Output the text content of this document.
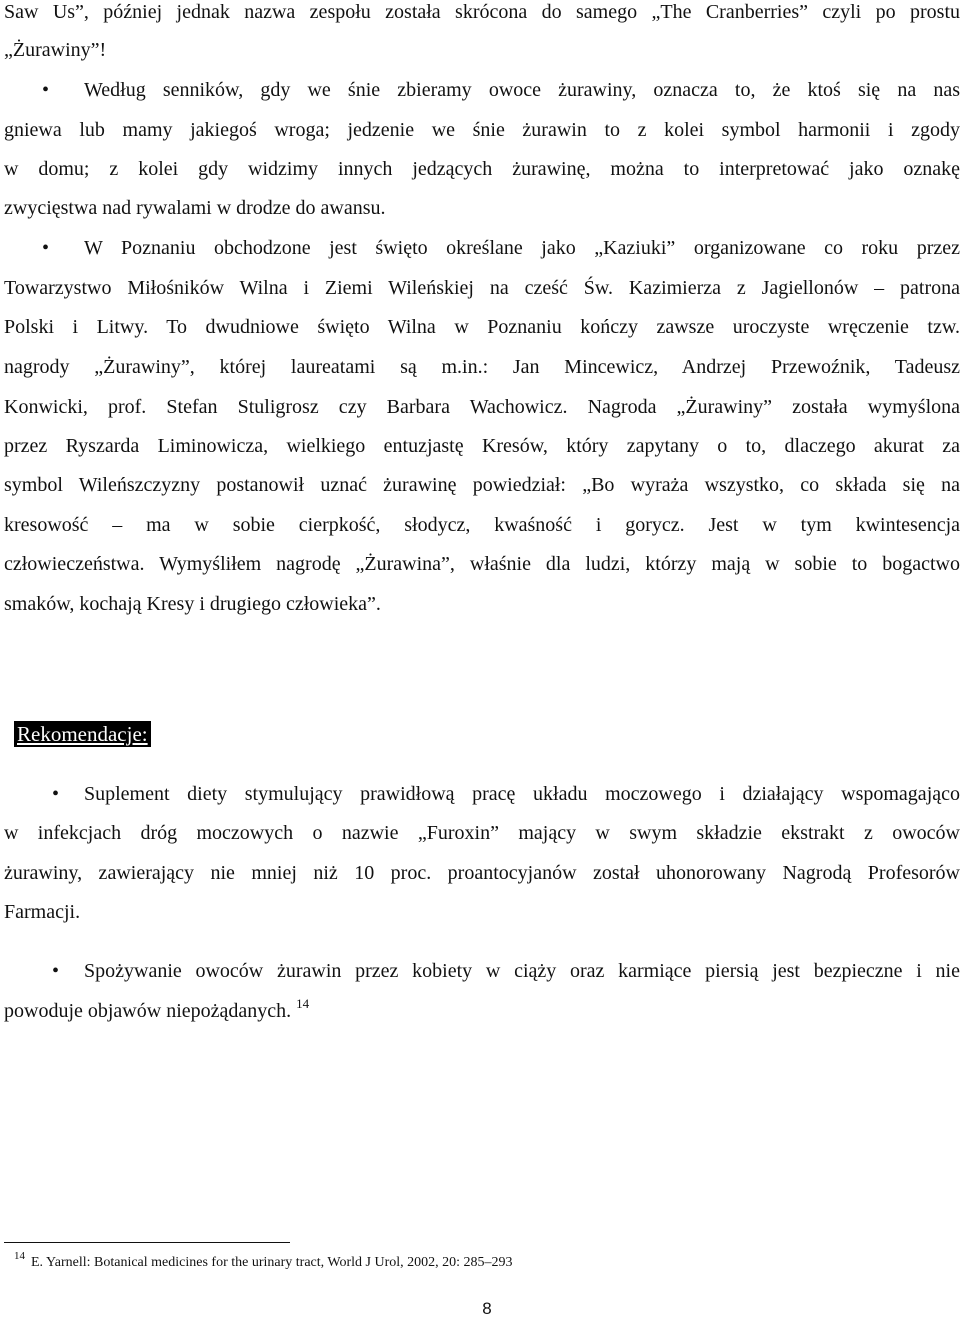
Saw Us”, później jednak nazwa zespołu została skrócona do samego „The Cranberries” czyli po prostu
„Żurawiny”!
• Według senników, gdy we śnie zbieramy owoce żurawiny, oznacza to, że ktoś się na nas
gniewa lub mamy jakiegoś wroga; jedzenie we śnie żurawin to z kolei symbol harmonii i zgody
w domu; z kolei gdy widzimy innych jedzących żurawinę, można to interpretować jako oznakę
zwycięstwa nad rywalami w drodze do awansu.
• W Poznaniu obchodzone jest święto określane jako „Kaziuki” organizowane co roku przez
Towarzystwo Miłośników Wilna i Ziemi Wileńskiej na cześć Św. Kazimierza z Jagiellonów – patrona
Polski i Litwy. To dwudniowe święto Wilna w Poznaniu kończy zawsze uroczyste wręczenie tzw.
nagrody „Żurawiny”, której laureatami są m.in.: Jan Mincewicz, Andrzej Przewoźnik, Tadeusz
Konwicki, prof. Stefan Stuligrosz czy Barbara Wachowicz. Nagroda „Żurawiny” została wymyślona
przez Ryszarda Liminowicza, wielkiego entuzjastę Kresów, który zapytany o to, dlaczego akurat za
symbol Wileńszczyzny postanowił uznać żurawinę powiedział: „Bo wyraża wszystko, co składa się na
kresowość – ma w sobie cierpkość, słodycz, kwaśność i gorycz. Jest w tym kwintesencja
człowieczeństwa. Wymyśliłem nagrodę „Żurawina”, właśnie dla ludzi, którzy mają w sobie to bogactwo
smaków, kochają Kresy i drugiego człowieka”.
Rekomendacje:
• Suplement diety stymulujący prawidłową pracę układu moczowego i działający wspomagająco
w infekcjach dróg moczowych o nazwie „Furoxin” mający w swym składzie ekstrakt z owoców
żurawiny, zawierający nie mniej niż 10 proc. proantocyjanów został uhonorowany Nagrodą Profesorów
Farmacji.
• Spożywanie owoców żurawin przez kobiety w ciąży oraz karmiące piersią jest bezpieczne i nie
powoduje objawów niepożądanych. $^{14}$
$^{14}$ E. Yarnell: Botanical medicines for the urinary tract, World J Urol, 2002, 20: 285–293
8
